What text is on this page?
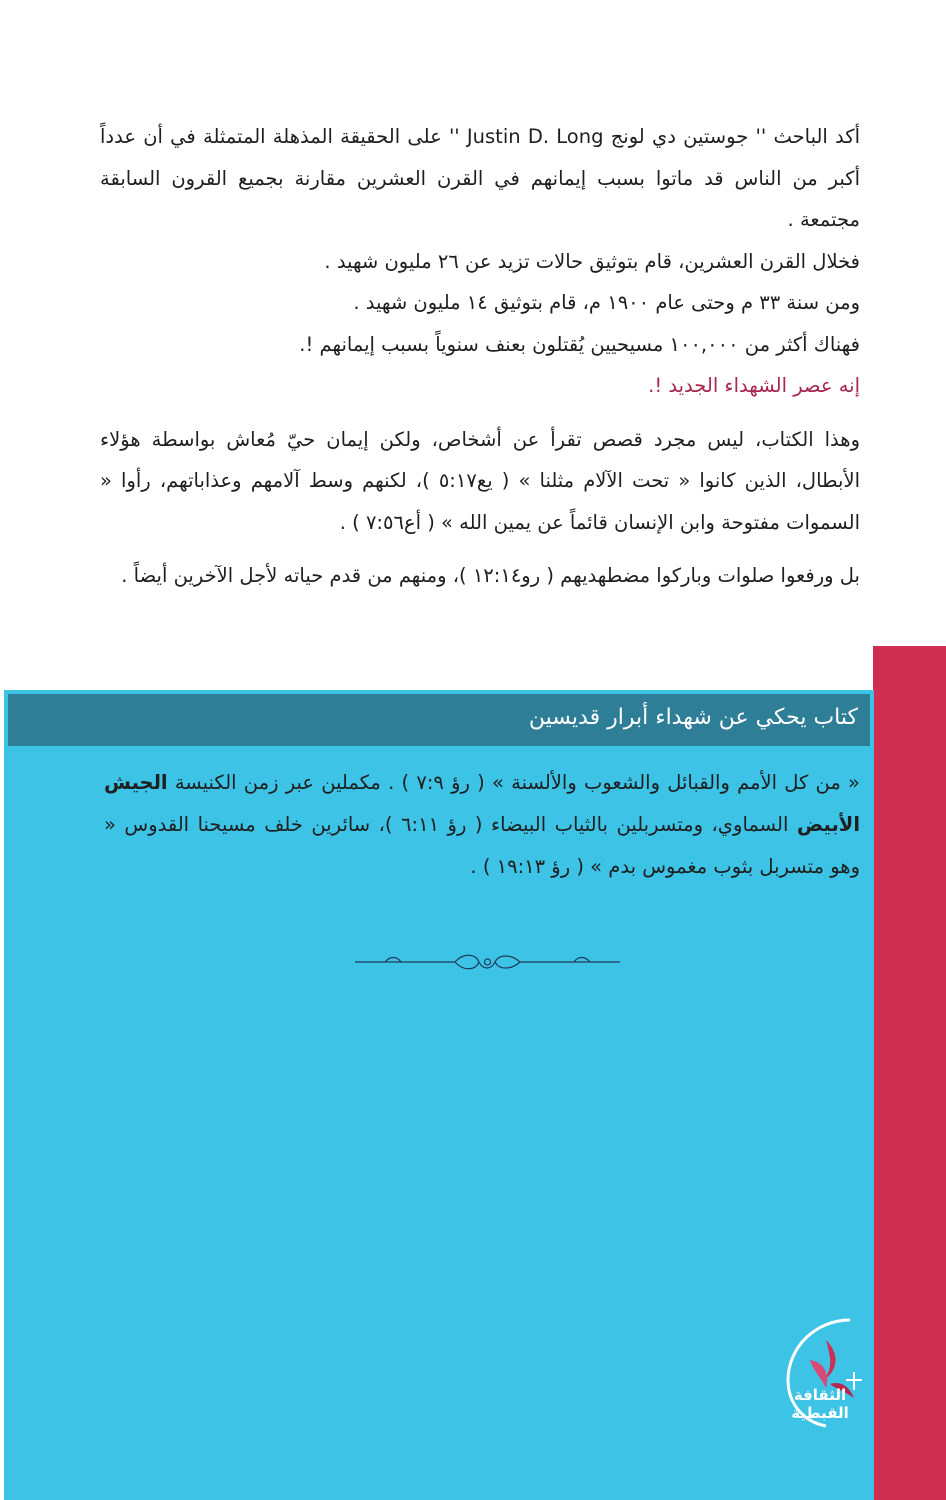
أكد الباحث '' جوستين دي لونج Justin D. Long '' على الحقيقة المذهلة المتمثلة في أن عدداً أكبر من الناس قد ماتوا بسبب إيمانهم في القرن العشرين مقارنة بجميع القرون السابقة مجتمعة .

فخلال القرن العشرين، قام بتوثيق حالات تزيد عن ٢٦ مليون شهيد .

ومن سنة ٣٣ م وحتى عام ١٩٠٠ م، قام بتوثيق ١٤ مليون شهيد .

فهناك أكثر من ١٠٠,٠٠٠ مسيحيين يُقتلون بعنف سنوياً بسبب إيمانهم !.

إنه عصر الشهداء الجديد !.

وهذا الكتاب، ليس مجرد قصص تقرأ عن أشخاص، ولكن إيمان حيّ مُعاش بواسطة هؤلاء الأبطال، الذين كانوا « تحت الآلام مثلنا » ( يع٥:١٧ )، لكنهم وسط آلامهم وعذاباتهم، رأوا « السموات مفتوحة وابن الإنسان قائماً عن يمين الله » ( أع٧:٥٦ ) .

بل ورفعوا صلوات وباركوا مضطهديهم ( رو١٢:١٤ )، ومنهم من قدم حياته لأجل الآخرين أيضاً .

كتاب يحكي عن شهداء أبرار قديسين

« من كل الأمم والقبائل والشعوب والألسنة » ( رؤ ٧:٩ ) . مكملين عبر زمن الكنيسة الجيش الأبيض السماوي، ومتسربلين بالثياب البيضاء ( رؤ ٦:١١ )، سائرين خلف مسيحنا القدوس « وهو متسربل بثوب مغموس بدم » ( رؤ ١٩:١٣ ) .

الثقافة القبطية
